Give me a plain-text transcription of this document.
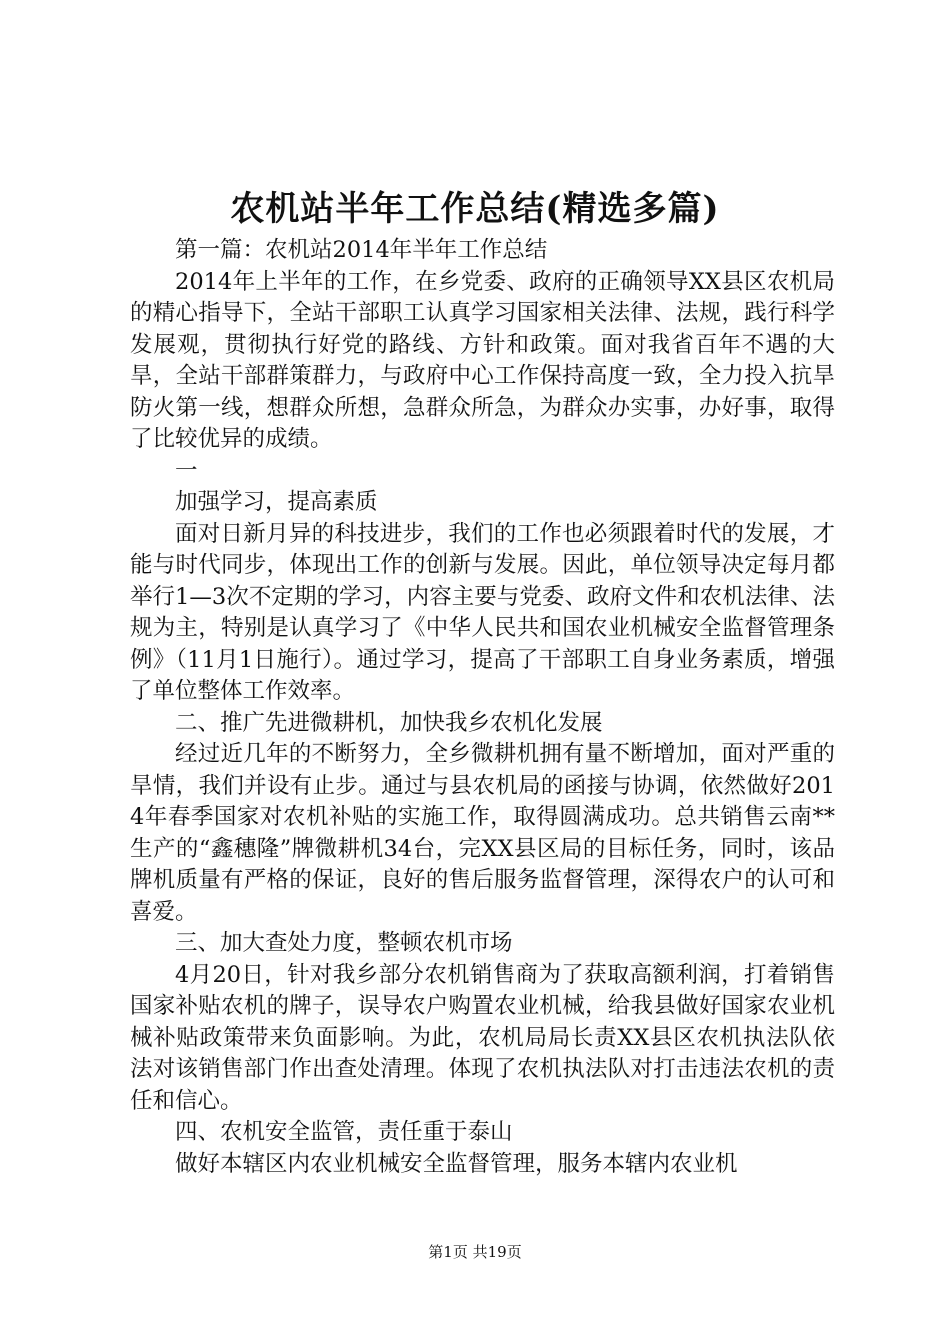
农机站半年工作总结(精选多篇)

第一篇：农机站2014年半年工作总结

2014年上半年的工作，在乡党委、政府的正确领导XX县区农机局的精心指导下，全站干部职工认真学习国家相关法律、法规，践行科学发展观，贯彻执行好党的路线、方针和政策。面对我省百年不遇的大旱，全站干部群策群力，与政府中心工作保持高度一致，全力投入抗旱防火第一线，想群众所想，急群众所急，为群众办实事，办好事，取得了比较优异的成绩。

一

加强学习，提高素质

面对日新月异的科技进步，我们的工作也必须跟着时代的发展，才能与时代同步，体现出工作的创新与发展。因此，单位领导决定每月都举行1—3次不定期的学习，内容主要与党委、政府文件和农机法律、法规为主，特别是认真学习了《中华人民共和国农业机械安全监督管理条例》（11月1日施行）。通过学习，提高了干部职工自身业务素质，增强了单位整体工作效率。

二、推广先进微耕机，加快我乡农机化发展

经过近几年的不断努力，全乡微耕机拥有量不断增加，面对严重的旱情，我们并设有止步。通过与县农机局的函接与协调，依然做好2014年春季国家对农机补贴的实施工作，取得圆满成功。总共销售云南**生产的“鑫穗隆”牌微耕机34台，完XX县区局的目标任务，同时，该品牌机质量有严格的保证，良好的售后服务监督管理，深得农户的认可和喜爱。

三、加大查处力度，整顿农机市场

4月20日，针对我乡部分农机销售商为了获取高额利润，打着销售国家补贴农机的牌子，误导农户购置农业机械，给我县做好国家农业机械补贴政策带来负面影响。为此，农机局局长责XX县区农机执法队依法对该销售部门作出查处清理。体现了农机执法队对打击违法农机的责任和信心。

四、农机安全监管，责任重于泰山

做好本辖区内农业机械安全监督管理，服务本辖内农业机

第1页 共19页
